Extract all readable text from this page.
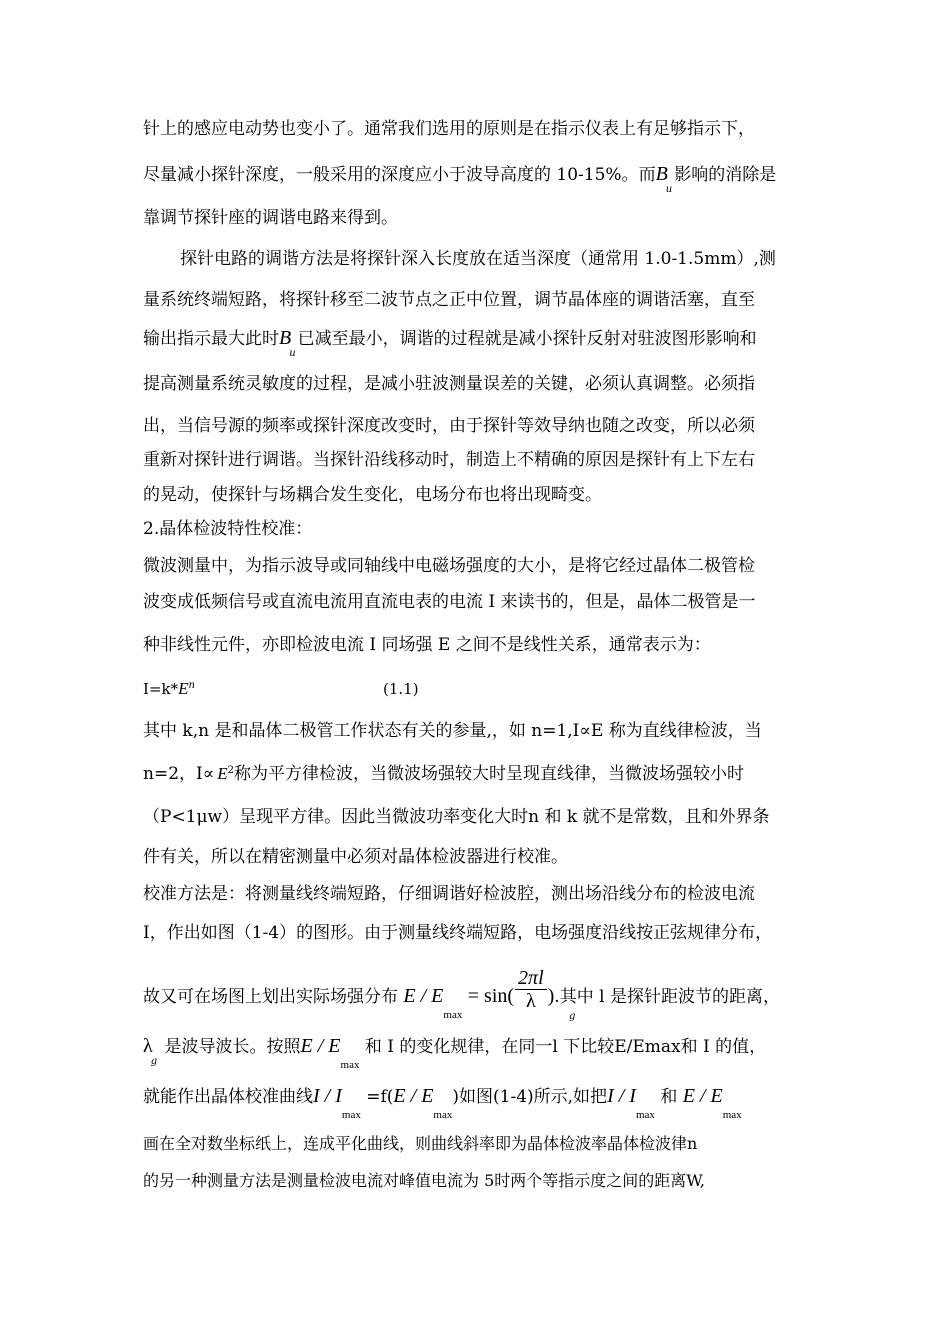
针上的感应电动势也变小了。通常我们选用的原则是在指示仪表上有足够指示下，
尽量减小探针深度，一般采用的深度应小于波导高度的 10-15%。而$B_u$影响的消除是
靠调节探针座的调谐电路来得到。
探针电路的调谐方法是将探针深入长度放在适当深度（通常用 1.0-1.5mm）,测
量系统终端短路，将探针移至二波节点之正中位置，调节晶体座的调谐活塞，直至
输出指示最大此时$B_u$已减至最小，调谐的过程就是减小探针反射对驻波图形影响和
提高测量系统灵敏度的过程，是减小驻波测量误差的关键，必须认真调整。必须指
出，当信号源的频率或探针深度改变时，由于探针等效导纳也随之改变，所以必须
重新对探针进行调谐。当探针沿线移动时，制造上不精确的原因是探针有上下左右
的晃动，使探针与场耦合发生变化，电场分布也将出现畸变。
2.晶体检波特性校准：
微波测量中，为指示波导或同轴线中电磁场强度的大小，是将它经过晶体二极管检
波变成低频信号或直流电流用直流电表的电流 I 来读书的，但是，晶体二极管是一
种非线性元件，亦即检波电流 I 同场强 E 之间不是线性关系，通常表示为：
$I=k*E^n$	(1.1)
其中 k,n 是和晶体二极管工作状态有关的参量,，如 n=1,I∝E 称为直线律检波，当
n=2，$I\propto E^2$称为平方律检波，当微波场强较大时呈现直线律，当微波场强较小时
（P<1μw）呈现平方律。因此当微波功率变化大时n 和 k 就不是常数，且和外界条
件有关，所以在精密测量中必须对晶体检波器进行校准。
校准方法是：将测量线终端短路，仔细调谐好检波腔，测出场沿线分布的检波电流
I，作出如图（1-4）的图形。由于测量线终端短路，电场强度沿线按正弦规律分布，
故又可在场图上划出实际场强分布 $E / E_{max} = \sin( \frac{2\pi l}{\lambda}$ ).其中 l 是探针距波节的距离，
g
$\lambda_g$ 是波导波长。按照E / $E_{max}$ 和 I 的变化规律，在同一l 下比较E/Emax和 I 的值，
就能作出晶体校准曲线$I / I_{max} =f(E / E_{max})$如图(1-4)所示,如把I / $I_{max}$ 和 E / $E_{max}$
画在全对数坐标纸上，连成平化曲线，则曲线斜率即为晶体检波率晶体检波律n
的另一种测量方法是测量检波电流对峰值电流为 5时两个等指示度之间的距离W,
